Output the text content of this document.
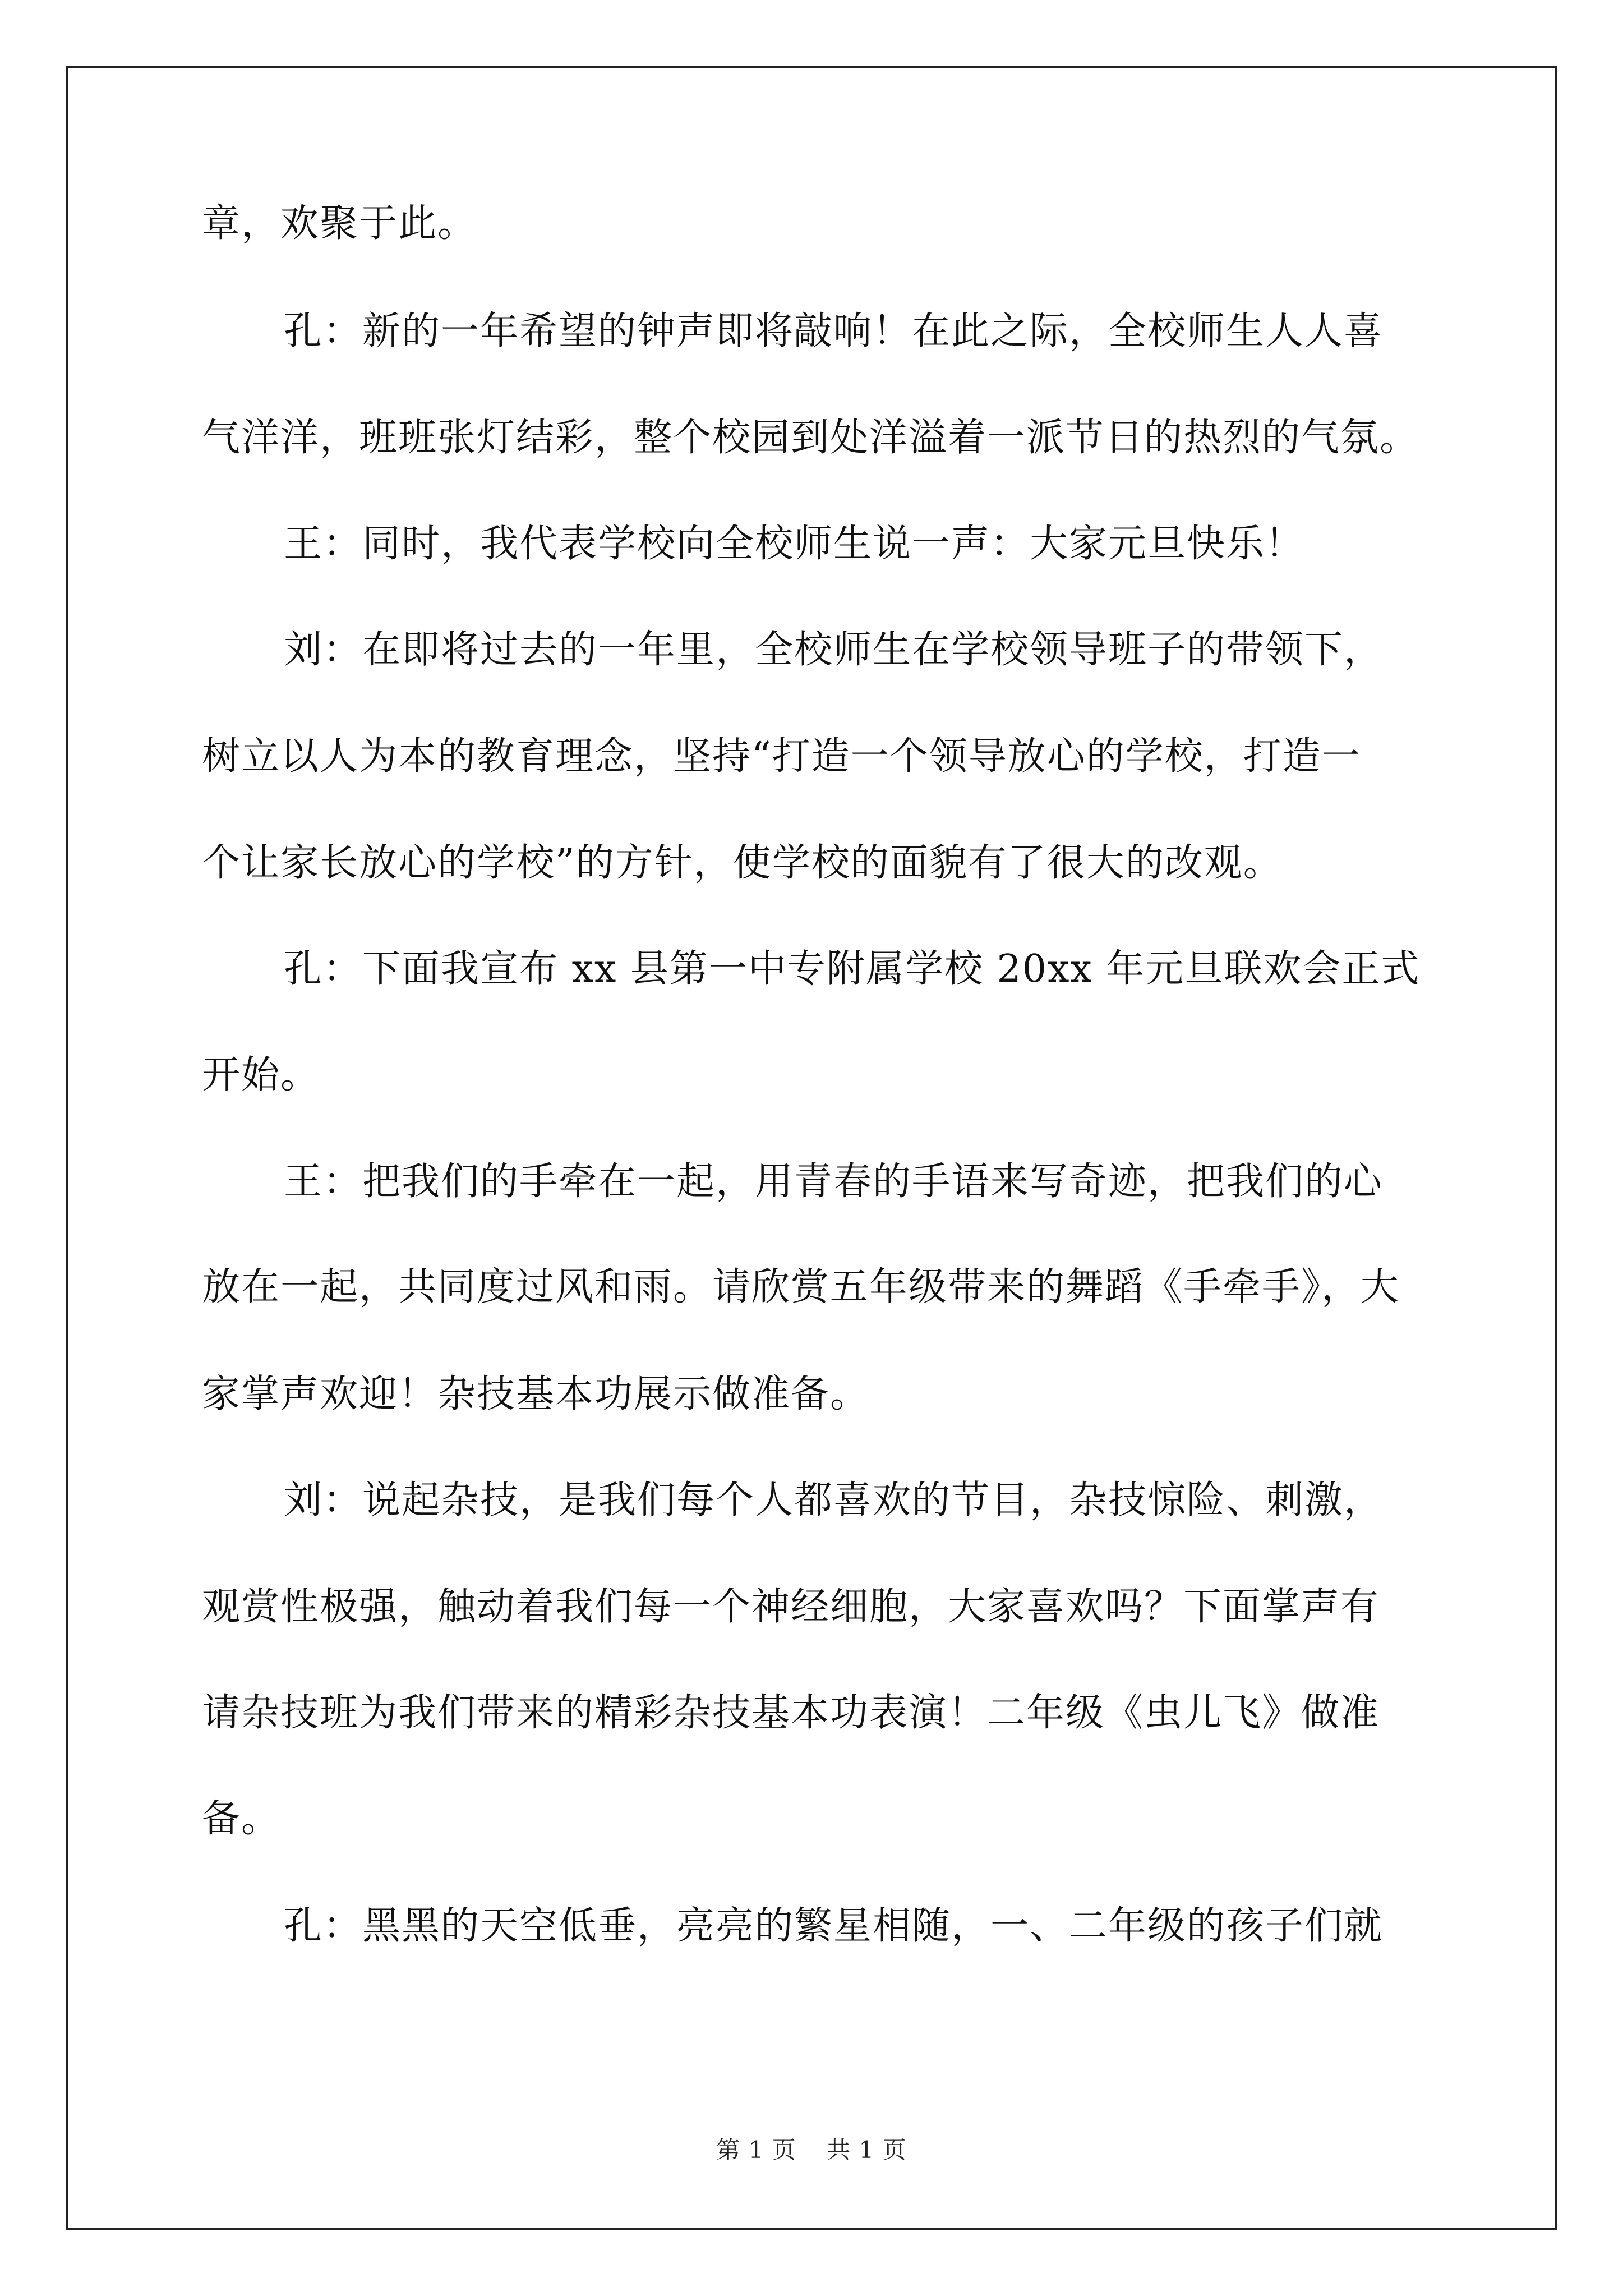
章，欢聚于此。
孔：新的一年希望的钟声即将敲响！在此之际，全校师生人人喜
气洋洋，班班张灯结彩，整个校园到处洋溢着一派节日的热烈的气氛。
王：同时，我代表学校向全校师生说一声：大家元旦快乐！
刘：在即将过去的一年里，全校师生在学校领导班子的带领下，
树立以人为本的教育理念，坚持“打造一个领导放心的学校，打造一
个让家长放心的学校”的方针，使学校的面貌有了很大的改观。
孔：下面我宣布 xx 县第一中专附属学校 20xx 年元旦联欢会正式
开始。
王：把我们的手牵在一起，用青春的手语来写奇迹，把我们的心
放在一起，共同度过风和雨。请欣赏五年级带来的舞蹈《手牵手》，大
家掌声欢迎！杂技基本功展示做准备。
刘：说起杂技，是我们每个人都喜欢的节目，杂技惊险、刺激，
观赏性极强，触动着我们每一个神经细胞，大家喜欢吗？下面掌声有
请杂技班为我们带来的精彩杂技基本功表演！二年级《虫儿飞》做准
备。
孔：黑黑的天空低垂，亮亮的繁星相随，一、二年级的孩子们就
第 1 页 共 1 页
